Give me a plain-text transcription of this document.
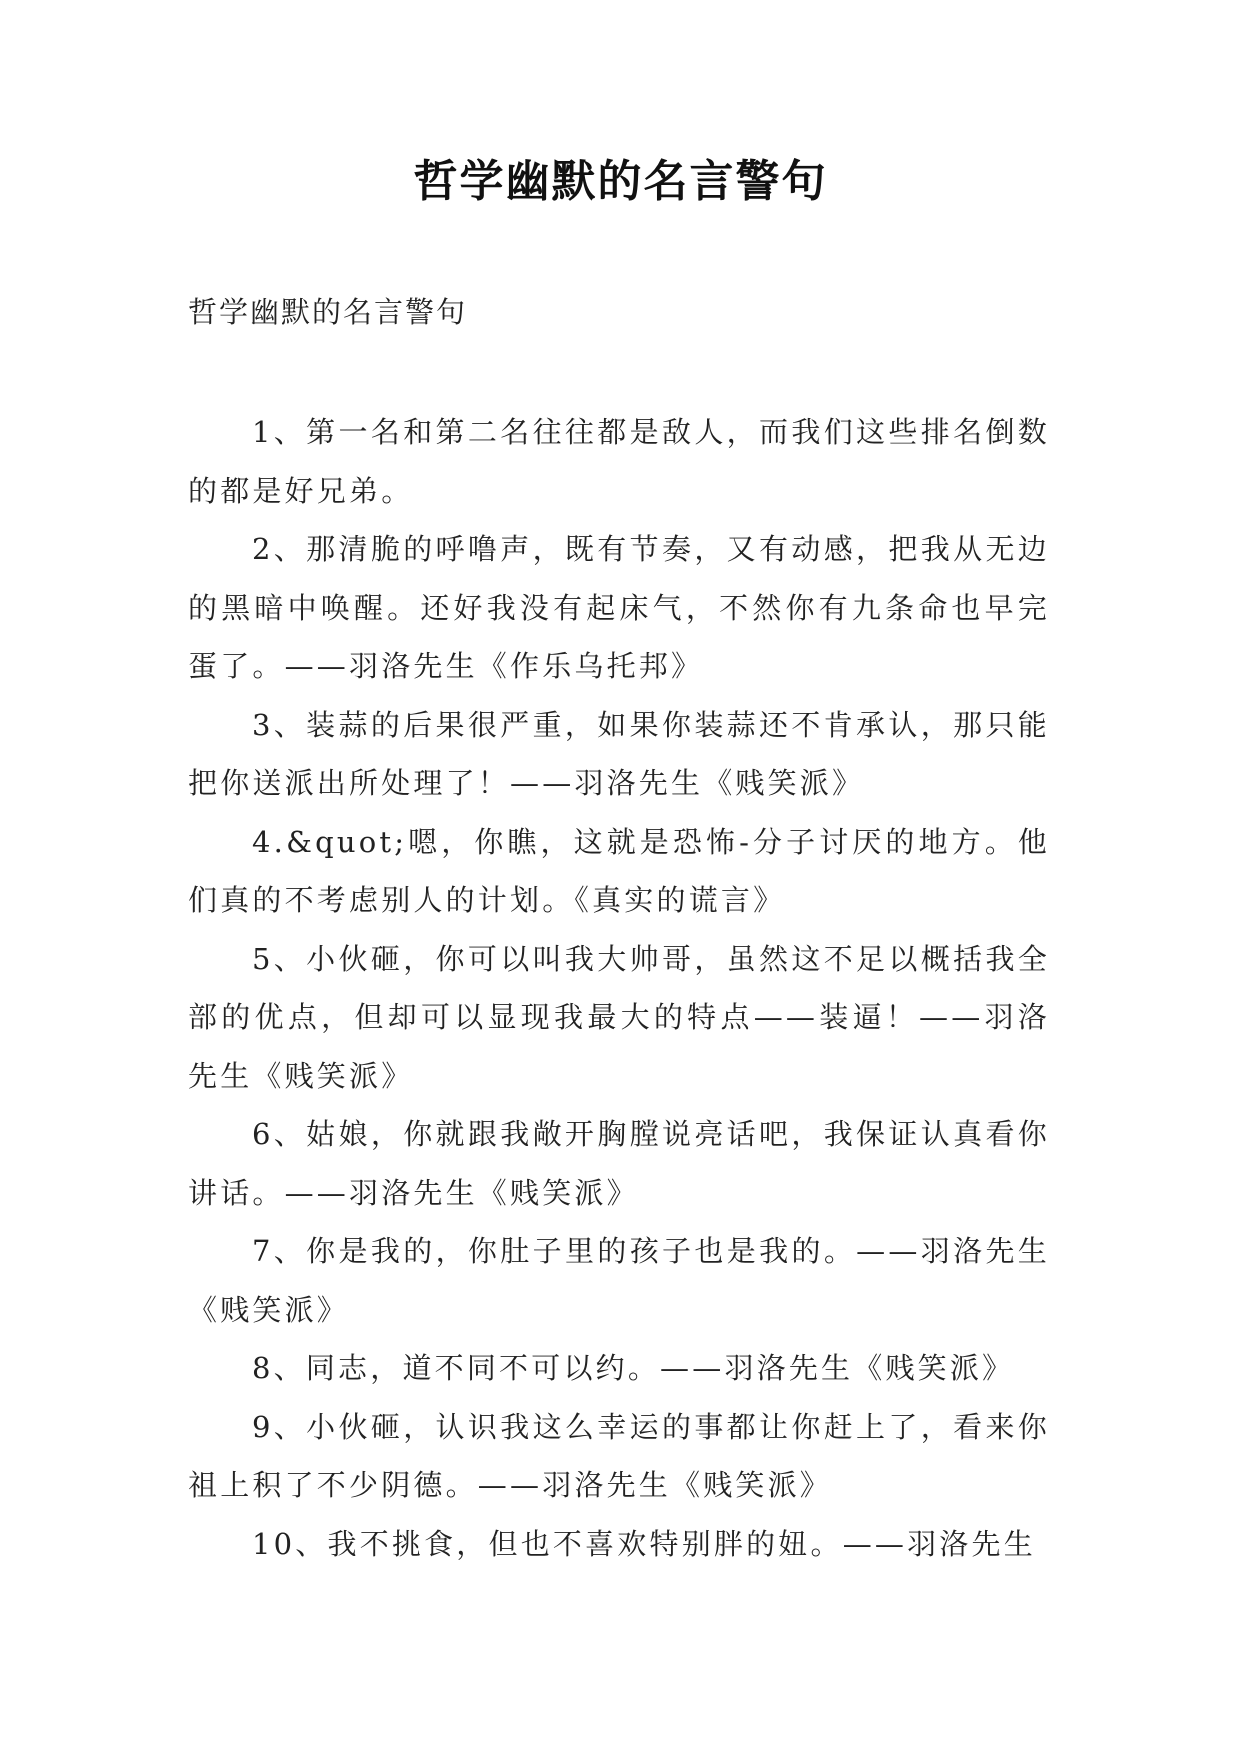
哲学幽默的名言警句

哲学幽默的名言警句

1、第一名和第二名往往都是敌人，而我们这些排名倒数的都是好兄弟。

2、那清脆的呼噜声，既有节奏，又有动感，把我从无边的黑暗中唤醒。还好我没有起床气，不然你有九条命也早完蛋了。——羽洛先生《作乐乌托邦》

3、装蒜的后果很严重，如果你装蒜还不肯承认，那只能把你送派出所处理了！——羽洛先生《贱笑派》

4.&quot;嗯，你瞧，这就是恐怖-分子讨厌的地方。他们真的不考虑别人的计划。《真实的谎言》

5、小伙砸，你可以叫我大帅哥，虽然这不足以概括我全部的优点，但却可以显现我最大的特点——装逼！——羽洛先生《贱笑派》

6、姑娘，你就跟我敞开胸膛说亮话吧，我保证认真看你讲话。——羽洛先生《贱笑派》

7、你是我的，你肚子里的孩子也是我的。——羽洛先生《贱笑派》

8、同志，道不同不可以约。——羽洛先生《贱笑派》

9、小伙砸，认识我这么幸运的事都让你赶上了，看来你祖上积了不少阴德。——羽洛先生《贱笑派》

10、我不挑食，但也不喜欢特别胖的妞。——羽洛先生
